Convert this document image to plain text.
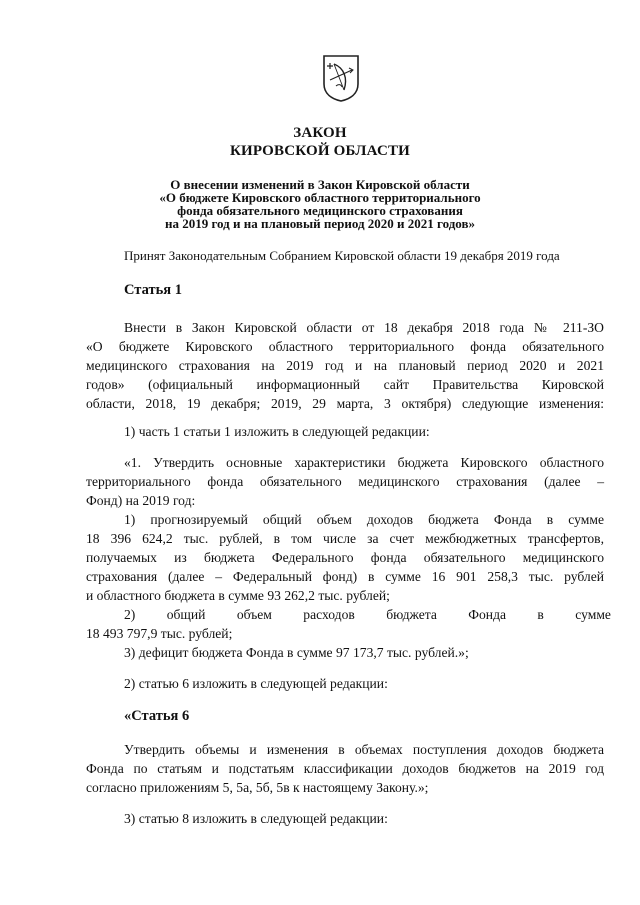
ЗАКОН
КИРОВСКОЙ ОБЛАСТИ
О внесении изменений в Закон Кировской области
«О бюджете Кировского областного территориального
фонда обязательного медицинского страхования
на 2019 год и на плановый период 2020 и 2021 годов»
Принят Законодательным Собранием Кировской области 19 декабря 2019 года
Статья 1
Внести в Закон Кировской области от 18 декабря 2018 года № 211-ЗО
«О бюджете Кировского областного территориального фонда обязательного
медицинского страхования на 2019 год и на плановый период 2020 и 2021
годов» (официальный информационный сайт Правительства Кировской
области, 2018, 19 декабря; 2019, 29 марта, 3 октября) следующие изменения:
1) часть 1 статьи 1 изложить в следующей редакции:
«1. Утвердить основные характеристики бюджета Кировского областного
территориального фонда обязательного медицинского страхования (далее –
Фонд) на 2019 год:
1) прогнозируемый общий объем доходов бюджета Фонда в сумме
18 396 624,2 тыс. рублей, в том числе за счет межбюджетных трансфертов,
получаемых из бюджета Федерального фонда обязательного медицинского
страхования (далее – Федеральный фонд) в сумме 16 901 258,3 тыс. рублей
и областного бюджета в сумме 93 262,2 тыс. рублей;
2) общий объем расходов бюджета Фонда в сумме
18 493 797,9 тыс. рублей;
3) дефицит бюджета Фонда в сумме 97 173,7 тыс. рублей.»;
2) статью 6 изложить в следующей редакции:
«Статья 6
Утвердить объемы и изменения в объемах поступления доходов бюджета
Фонда по статьям и подстатьям классификации доходов бюджетов на 2019 год
согласно приложениям 5, 5а, 5б, 5в к настоящему Закону.»;
3) статью 8 изложить в следующей редакции:
